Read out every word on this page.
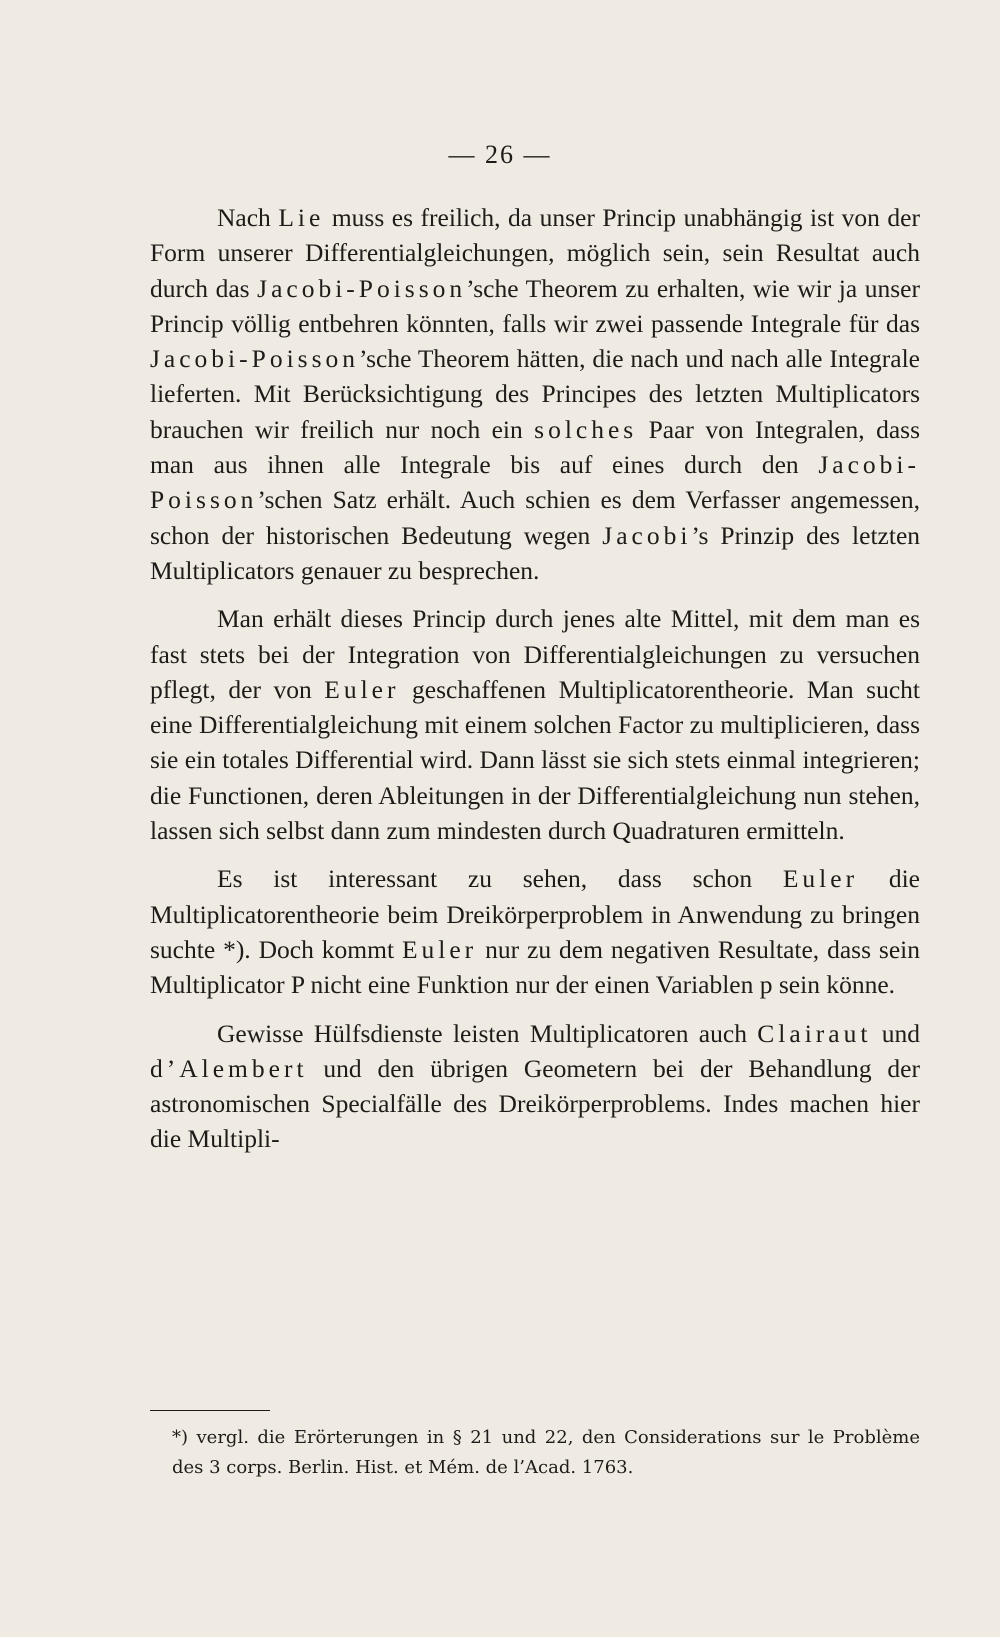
— 26 —

Nach Lie muss es freilich, da unser Princip unabhängig ist von der Form unserer Differentialgleichungen, möglich sein, sein Resultat auch durch das Jacobi-Poisson’sche Theorem zu erhalten, wie wir ja unser Princip völlig entbehren könnten, falls wir zwei passende Integrale für das Jacobi-Poisson’sche Theorem hätten, die nach und nach alle Integrale lieferten. Mit Berücksichtigung des Principes des letzten Multiplicators brauchen wir freilich nur noch ein solches Paar von Integralen, dass man aus ihnen alle Integrale bis auf eines durch den Jacobi-Poisson’schen Satz erhält. Auch schien es dem Verfasser angemessen, schon der historischen Bedeutung wegen Jacobi’s Prinzip des letzten Multiplicators genauer zu besprechen.

Man erhält dieses Princip durch jenes alte Mittel, mit dem man es fast stets bei der Integration von Differentialgleichungen zu versuchen pflegt, der von Euler geschaffenen Multiplicatorentheorie. Man sucht eine Differentialgleichung mit einem solchen Factor zu multiplicieren, dass sie ein totales Differential wird. Dann lässt sie sich stets einmal integrieren; die Functionen, deren Ableitungen in der Differentialgleichung nun stehen, lassen sich selbst dann zum mindesten durch Quadraturen ermitteln.

Es ist interessant zu sehen, dass schon Euler die Multiplicatorentheorie beim Dreikörperproblem in Anwendung zu bringen suchte *). Doch kommt Euler nur zu dem negativen Resultate, dass sein Multiplicator P nicht eine Funktion nur der einen Variablen p sein könne.

Gewisse Hülfsdienste leisten Multiplicatoren auch Clairaut und d’Alembert und den übrigen Geometern bei der Behandlung der astronomischen Specialfälle des Dreikörperproblems. Indes machen hier die Multipli-

*) vergl. die Erörterungen in § 21 und 22, den Considerations sur le Problème des 3 corps. Berlin. Hist. et Mém. de l’Acad. 1763.
